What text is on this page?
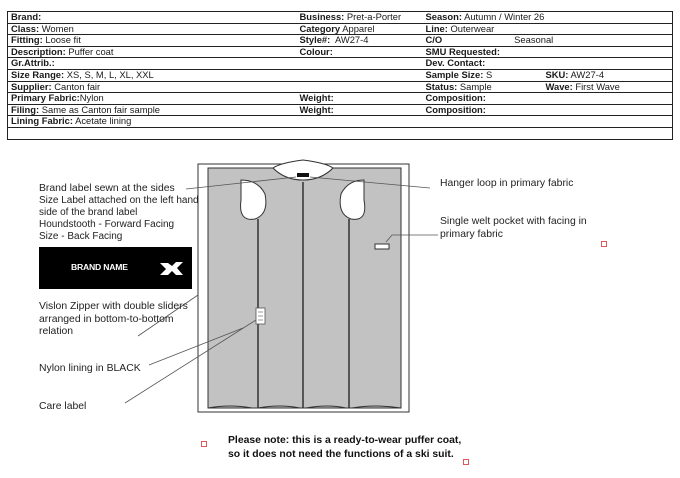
Brand:	Business: Pret-a-Porter	Season: Autumn / Winter 26	
Class: Women	Category Apparel	Line: Outerwear	
Fitting: Loose fit	Style#: AW27-4	C/O Seasonal	
Description: Puffer coat	Colour:	SMU Requested:	
Gr.Attrib.:		Dev. Contact:	
Size Range: XS, S, M, L, XL, XXL		Sample Size: S	SKU: AW27-4
Supplier: Canton fair		Status: Sample	Wave: First Wave
Primary Fabric:Nylon	Weight:	Composition:	
Filing: Same as Canton fair sample	Weight:	Composition:	
Lining Fabric: Acetate lining			

Brand label sewn at the sides
Size Label attached on the left hand
side of the brand label
Houndstooth - Forward Facing
Size - Back Facing
BRAND NAME
Vislon Zipper with double sliders
arranged in bottom-to-bottom
relation
Nylon lining in BLACK
Care label
Hanger loop in primary fabric
Single welt pocket with facing in
primary fabric
Please note: this is a ready-to-wear puffer coat,
so it does not need the functions of a ski suit.
